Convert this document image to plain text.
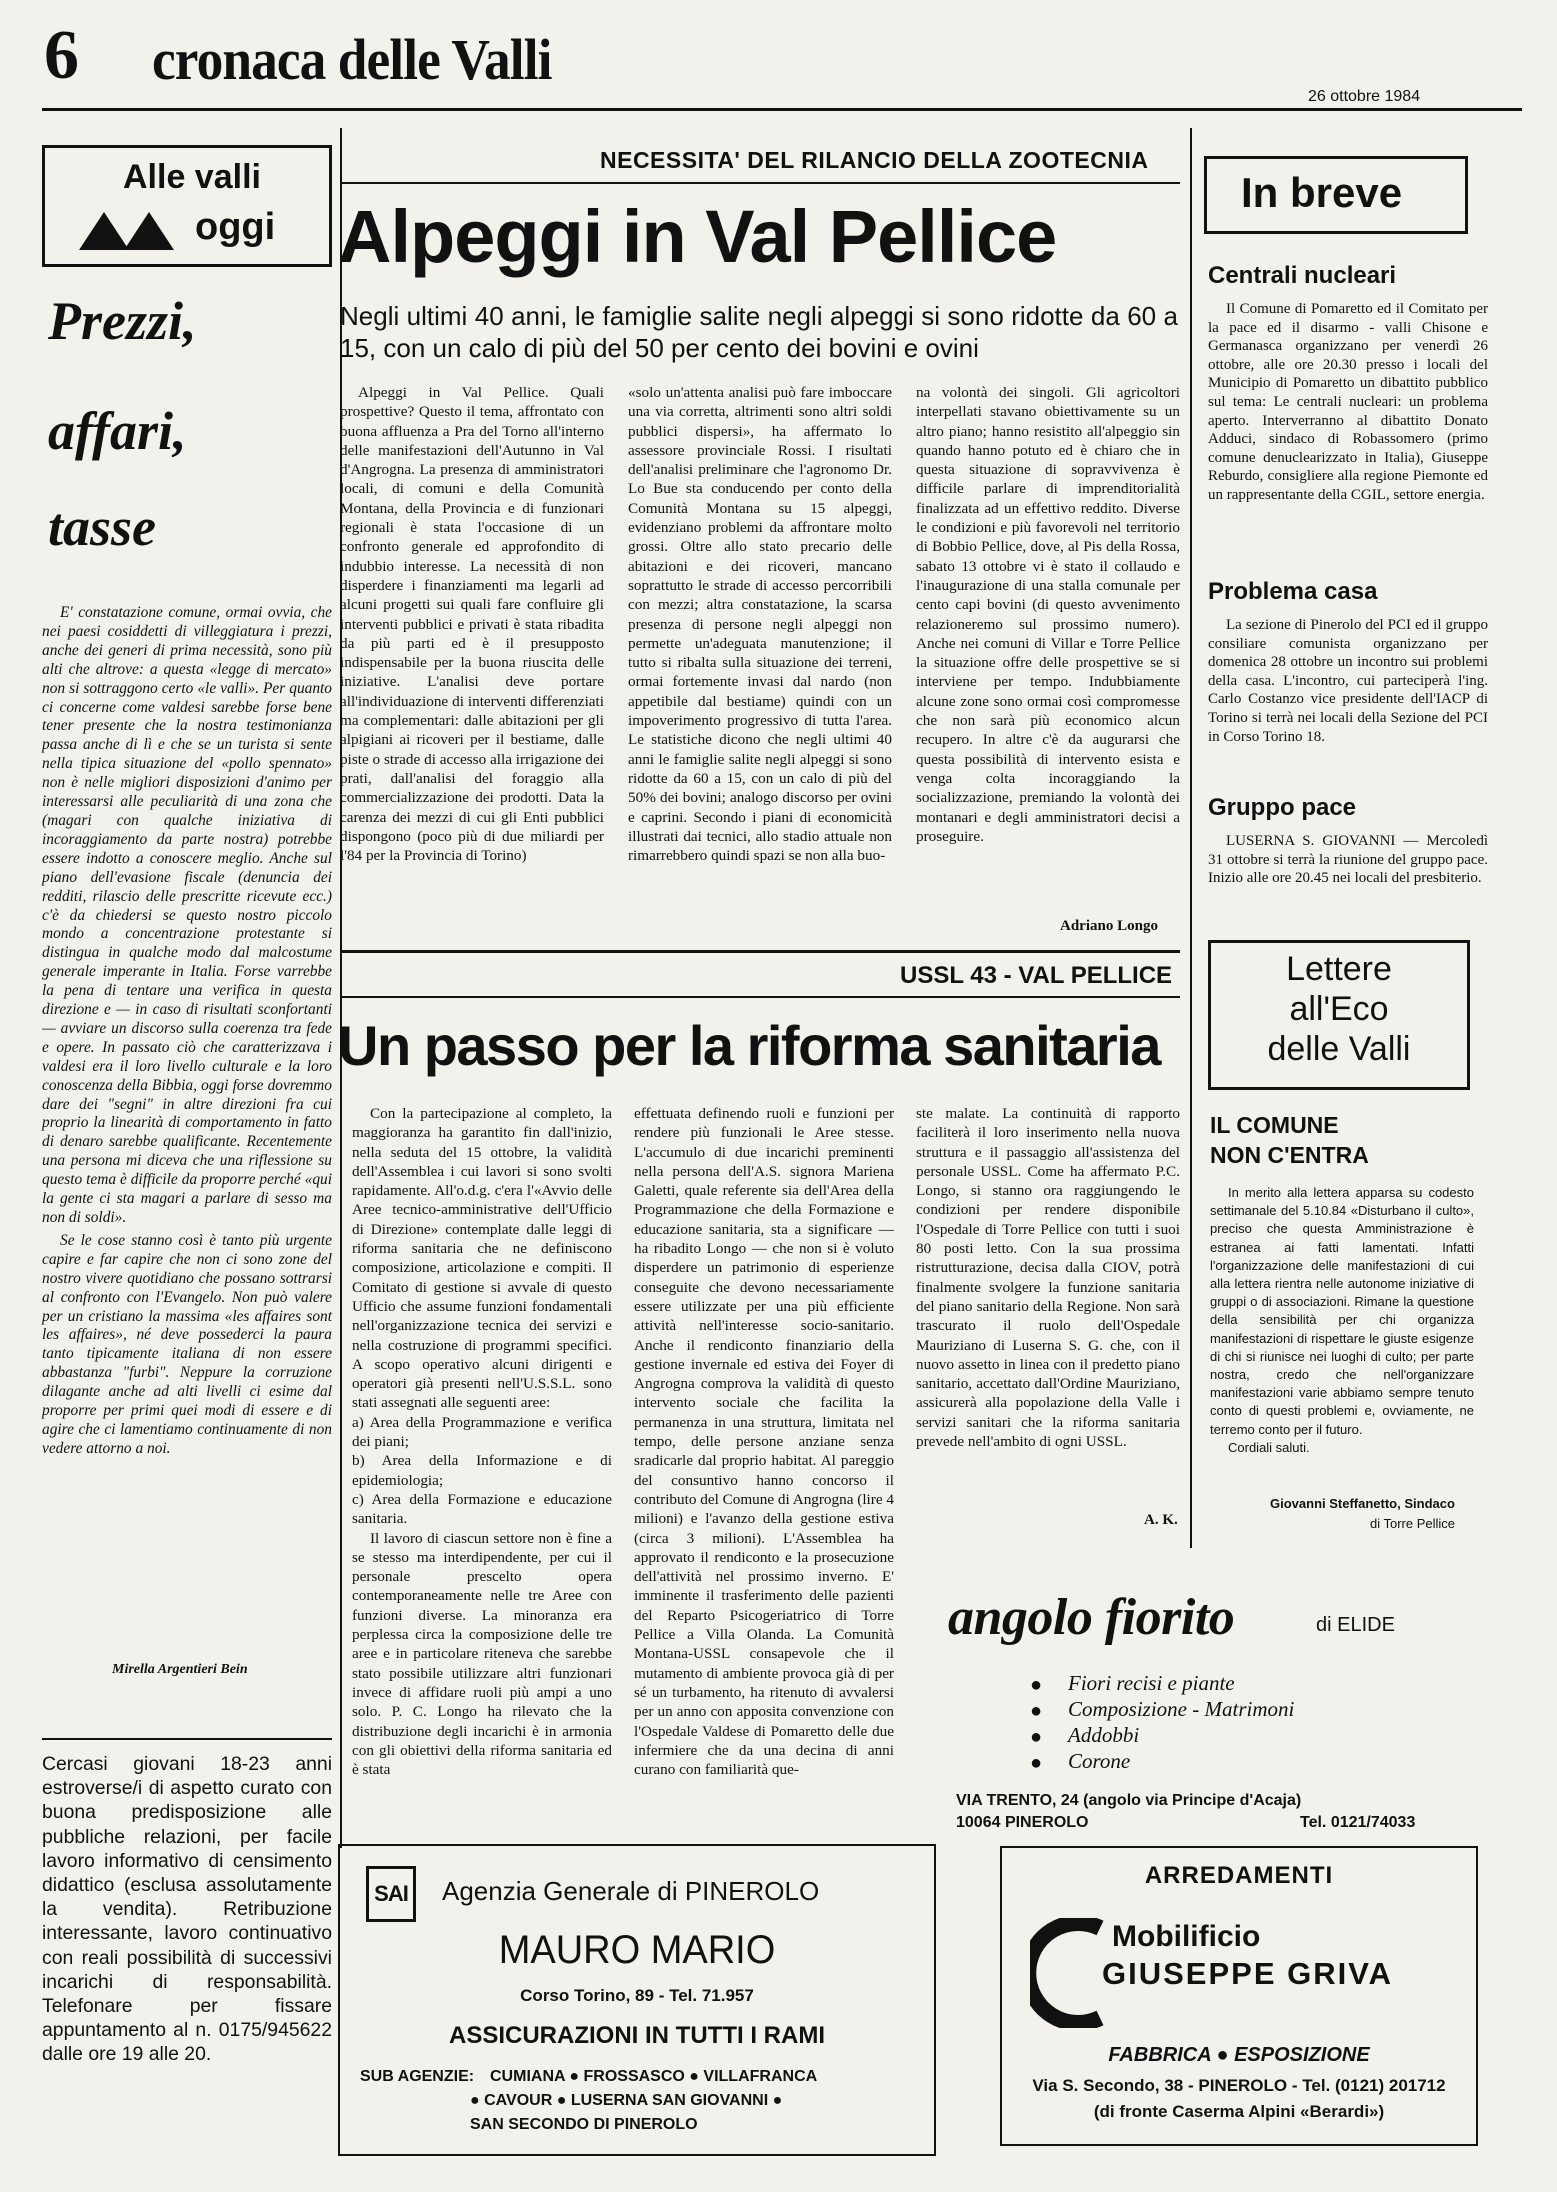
6 cronaca delle Valli
26 ottobre 1984
Alle valli
oggi
Prezzi,
affari,
tasse

E' constatazione comune, ormai ovvia, che nei paesi cosiddetti di villeggiatura i prezzi, anche dei generi di prima necessità, sono più alti che altrove: a questa «legge di mercato» non si sottraggono certo «le valli». Per quanto ci concerne come valdesi sarebbe forse bene tener presente che la nostra testimonianza passa anche di lì e che se un turista si sente nella tipica situazione del «pollo spennato» non è nelle migliori disposizioni d'animo per interessarsi alle peculiarità di una zona che (magari con qualche iniziativa di incoraggiamento da parte nostra) potrebbe essere indotto a conoscere meglio. Anche sul piano dell'evasione fiscale (denuncia dei redditi, rilascio delle prescritte ricevute ecc.) c'è da chiedersi se questo nostro piccolo mondo a concentrazione protestante si distingua in qualche modo dal malcostume generale imperante in Italia. Forse varrebbe la pena di tentare una verifica in questa direzione e — in caso di risultati sconfortanti — avviare un discorso sulla coerenza tra fede e opere. In passato ciò che caratterizzava i valdesi era il loro livello culturale e la loro conoscenza della Bibbia, oggi forse dovremmo dare dei "segni" in altre direzioni fra cui proprio la linearità di comportamento in fatto di denaro sarebbe qualificante. Recentemente una persona mi diceva che una riflessione su questo tema è difficile da proporre perché «qui la gente ci sta magari a parlare di sesso ma non di soldi».

Se le cose stanno così è tanto più urgente capire e far capire che non ci sono zone del nostro vivere quotidiano che possano sottrarsi al confronto con l'Evangelo. Non può valere per un cristiano la massima «les affaires sont les affaires», né deve possederci la paura tanto tipicamente italiana di non essere abbastanza "furbi". Neppure la corruzione dilagante anche ad alti livelli ci esime dal proporre per primi quei modi di essere e di agire che ci lamentiamo continuamente di non vedere attorno a noi.

Mirella Argentieri Bein
Cercasi giovani 18-23 anni estroverse/i di aspetto curato con buona predisposizione alle pubbliche relazioni, per facile lavoro informativo di censimento didattico (esclusa assolutamente la vendita). Retribuzione interessante, lavoro continuativo con reali possibilità di successivi incarichi di responsabilità. Telefonare per fissare appuntamento al n. 0175/945622 dalle ore 19 alle 20.
NECESSITA' DEL RILANCIO DELLA ZOOTECNIA
Alpeggi in Val Pellice
Negli ultimi 40 anni, le famiglie salite negli alpeggi si sono ridotte da 60 a 15, con un calo di più del 50 per cento dei bovini e ovini

Alpeggi in Val Pellice. Quali prospettive? Questo il tema, affrontato con buona affluenza a Pra del Torno all'interno delle manifestazioni dell'Autunno in Val d'Angrogna. La presenza di amministratori locali, di comuni e della Comunità Montana, della Provincia e di funzionari regionali è stata l'occasione di un confronto generale ed approfondito di indubbio interesse. La necessità di non disperdere i finanziamenti ma legarli ad alcuni progetti sui quali fare confluire gli interventi pubblici e privati è stata ribadita da più parti ed è il presupposto indispensabile per la buona riuscita delle iniziative. L'analisi deve portare all'individuazione di interventi differenziati ma complementari: dalle abitazioni per gli alpigiani ai ricoveri per il bestiame, dalle piste o strade di accesso alla irrigazione dei prati, dall'analisi del foraggio alla commercializzazione dei prodotti. Data la carenza dei mezzi di cui gli Enti pubblici dispongono (poco più di due miliardi per l'84 per la Provincia di Torino)

«solo un'attenta analisi può fare imboccare una via corretta, altrimenti sono altri soldi pubblici dispersi», ha affermato lo assessore provinciale Rossi. I risultati dell'analisi preliminare che l'agronomo Dr. Lo Bue sta conducendo per conto della Comunità Montana su 15 alpeggi, evidenziano problemi da affrontare molto grossi. Oltre allo stato precario delle abitazioni e dei ricoveri, mancano soprattutto le strade di accesso percorribili con mezzi; altra constatazione, la scarsa presenza di persone negli alpeggi non permette un'adeguata manutenzione; il tutto si ribalta sulla situazione dei terreni, ormai fortemente invasi dal nardo (non appetibile dal bestiame) quindi con un impoverimento progressivo di tutta l'area. Le statistiche dicono che negli ultimi 40 anni le famiglie salite negli alpeggi si sono ridotte da 60 a 15, con un calo di più del 50% dei bovini; analogo discorso per ovini e caprini. Secondo i piani di economicità illustrati dai tecnici, allo stadio attuale non rimarrebbero quindi spazi se non alla buo-

na volontà dei singoli. Gli agricoltori interpellati stavano obiettivamente su un altro piano; hanno resistito all'alpeggio sin quando hanno potuto ed è chiaro che in questa situazione di sopravvivenza è difficile parlare di imprenditorialità finalizzata ad un effettivo reddito. Diverse le condizioni e più favorevoli nel territorio di Bobbio Pellice, dove, al Pis della Rossa, sabato 13 ottobre vi è stato il collaudo e l'inaugurazione di una stalla comunale per cento capi bovini (di questo avvenimento relazioneremo sul prossimo numero). Anche nei comuni di Villar e Torre Pellice la situazione offre delle prospettive se si interviene per tempo. Indubbiamente alcune zone sono ormai così compromesse che non sarà più economico alcun recupero. In altre c'è da augurarsi che questa possibilità di intervento esista e venga colta incoraggiando la socializzazione, premiando la volontà dei montanari e degli amministratori decisi a proseguire.

Adriano Longo
USSL 43 - VAL PELLICE
Un passo per la riforma sanitaria

Con la partecipazione al completo, la maggioranza ha garantito fin dall'inizio, nella seduta del 15 ottobre, la validità dell'Assemblea i cui lavori si sono svolti rapidamente. All'o.d.g. c'era l'«Avvio delle Aree tecnico-amministrative dell'Ufficio di Direzione» contemplate dalle leggi di riforma sanitaria che ne definiscono composizione, articolazione e compiti. Il Comitato di gestione si avvale di questo Ufficio che assume funzioni fondamentali nell'organizzazione tecnica dei servizi e nella costruzione di programmi specifici. A scopo operativo alcuni dirigenti e operatori già presenti nell'U.S.S.L. sono stati assegnati alle seguenti aree:

a) Area della Programmazione e verifica dei piani;

b) Area della Informazione e di epidemiologia;

c) Area della Formazione e educazione sanitaria.

Il lavoro di ciascun settore non è fine a se stesso ma interdipendente, per cui il personale prescelto opera contemporaneamente nelle tre Aree con funzioni diverse. La minoranza era perplessa circa la composizione delle tre aree e in particolare riteneva che sarebbe stato possibile utilizzare altri funzionari invece di affidare ruoli più ampi a uno solo. P. C. Longo ha rilevato che la distribuzione degli incarichi è in armonia con gli obiettivi della riforma sanitaria ed è stata

effettuata definendo ruoli e funzioni per rendere più funzionali le Aree stesse. L'accumulo di due incarichi preminenti nella persona dell'A.S. signora Mariena Galetti, quale referente sia dell'Area della Programmazione che della Formazione e educazione sanitaria, sta a significare — ha ribadito Longo — che non si è voluto disperdere un patrimonio di esperienze conseguite che devono necessariamente essere utilizzate per una più efficiente attività nell'interesse socio-sanitario. Anche il rendiconto finanziario della gestione invernale ed estiva dei Foyer di Angrogna comprova la validità di questo intervento sociale che facilita la permanenza in una struttura, limitata nel tempo, delle persone anziane senza sradicarle dal proprio habitat. Al pareggio del consuntivo hanno concorso il contributo del Comune di Angrogna (lire 4 milioni) e l'avanzo della gestione estiva (circa 3 milioni). L'Assemblea ha approvato il rendiconto e la prosecuzione dell'attività nel prossimo inverno. E' imminente il trasferimento delle pazienti del Reparto Psicogeriatrico di Torre Pellice a Villa Olanda. La Comunità Montana-USSL consapevole che il mutamento di ambiente provoca già di per sé un turbamento, ha ritenuto di avvalersi per un anno con apposita convenzione con l'Ospedale Valdese di Pomaretto delle due infermiere che da una decina di anni curano con familiarità que-

ste malate. La continuità di rapporto faciliterà il loro inserimento nella nuova struttura e il passaggio all'assistenza del personale USSL. Come ha affermato P.C. Longo, si stanno ora raggiungendo le condizioni per rendere disponibile l'Ospedale di Torre Pellice con tutti i suoi 80 posti letto. Con la sua prossima ristrutturazione, decisa dalla CIOV, potrà finalmente svolgere la funzione sanitaria del piano sanitario della Regione. Non sarà trascurato il ruolo dell'Ospedale Mauriziano di Luserna S. G. che, con il nuovo assetto in linea con il predetto piano sanitario, accettato dall'Ordine Mauriziano, assicurerà alla popolazione della Valle i servizi sanitari che la riforma sanitaria prevede nell'ambito di ogni USSL.

A. K.
In breve
Centrali nucleari

Il Comune di Pomaretto ed il Comitato per la pace ed il disarmo - valli Chisone e Germanasca organizzano per venerdì 26 ottobre, alle ore 20.30 presso i locali del Municipio di Pomaretto un dibattito pubblico sul tema: Le centrali nucleari: un problema aperto. Interverranno al dibattito Donato Adduci, sindaco di Robassomero (primo comune denuclearizzato in Italia), Giuseppe Reburdo, consigliere alla regione Piemonte ed un rappresentante della CGIL, settore energia.

Problema casa

La sezione di Pinerolo del PCI ed il gruppo consiliare comunista organizzano per domenica 28 ottobre un incontro sui problemi della casa. L'incontro, cui parteciperà l'ing. Carlo Costanzo vice presidente dell'IACP di Torino si terrà nei locali della Sezione del PCI in Corso Torino 18.

Gruppo pace

LUSERNA S. GIOVANNI — Mercoledì 31 ottobre si terrà la riunione del gruppo pace. Inizio alle ore 20.45 nei locali del presbiterio.

Lettere
all'Eco
delle Valli
IL COMUNE
NON C'ENTRA

In merito alla lettera apparsa su codesto settimanale del 5.10.84 «Disturbano il culto», preciso che questa Amministrazione è estranea ai fatti lamentati. Infatti l'organizzazione delle manifestazioni di cui alla lettera rientra nelle autonome iniziative di gruppi o di associazioni. Rimane la questione della sensibilità per chi organizza manifestazioni di rispettare le giuste esigenze di chi si riunisce nei luoghi di culto; per parte nostra, credo che nell'organizzare manifestazioni varie abbiamo sempre tenuto conto di questi problemi e, ovviamente, ne terremo conto per il futuro.

Cordiali saluti.

Giovanni Steffanetto, Sindaco
di Torre Pellice
angolo fiorito	di ELIDE
● Fiori recisi e piante
● Composizione - Matrimoni
● Addobbi
● Corone
VIA TRENTO, 24 (angolo via Principe d'Acaja)
10064 PINEROLO	Tel. 0121/74033
SAI	Agenzia Generale di PINEROLO
MAURO MARIO
Corso Torino, 89 - Tel. 71.957
ASSICURAZIONI IN TUTTI I RAMI
SUB AGENZIE: CUMIANA ● FROSSASCO ● VILLAFRANCA
● CAVOUR ● LUSERNA SAN GIOVANNI ●
SAN SECONDO DI PINEROLO
ARREDAMENTI
Mobilificio
GIUSEPPE GRIVA
FABBRICA ● ESPOSIZIONE
Via S. Secondo, 38 - PINEROLO - Tel. (0121) 201712
(di fronte Caserma Alpini «Berardi»)
